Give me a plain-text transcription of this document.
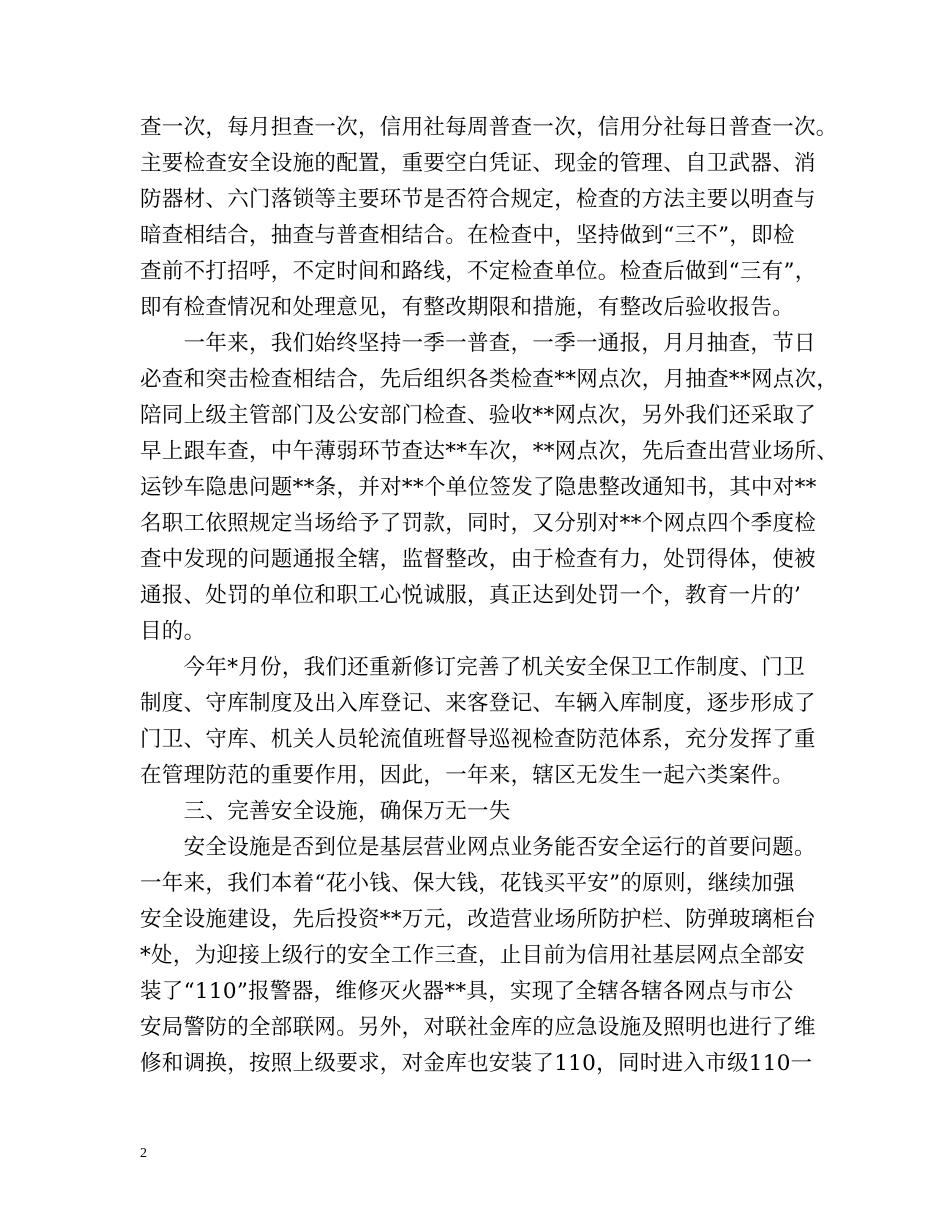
查一次，每月担查一次，信用社每周普查一次，信用分社每日普查一次。
主要检查安全设施的配置，重要空白凭证、现金的管理、自卫武器、消
防器材、六门落锁等主要环节是否符合规定，检查的方法主要以明查与
暗查相结合，抽查与普查相结合。在检查中，坚持做到“三不”，即检
查前不打招呼，不定时间和路线，不定检查单位。检查后做到“三有”，
即有检查情况和处理意见，有整改期限和措施，有整改后验收报告。
　　一年来，我们始终坚持一季一普查，一季一通报，月月抽查，节日
必查和突击检查相结合，先后组织各类检查**网点次，月抽查**网点次，
陪同上级主管部门及公安部门检查、验收**网点次，另外我们还采取了
早上跟车查，中午薄弱环节查达**车次，**网点次，先后查出营业场所、
运钞车隐患问题**条，并对**个单位签发了隐患整改通知书，其中对**
名职工依照规定当场给予了罚款，同时，又分别对**个网点四个季度检
查中发现的问题通报全辖，监督整改，由于检查有力，处罚得体，使被
通报、处罚的单位和职工心悦诚服，真正达到处罚一个，教育一片的’
目的。
　　今年*月份，我们还重新修订完善了机关安全保卫工作制度、门卫
制度、守库制度及出入库登记、来客登记、车辆入库制度，逐步形成了
门卫、守库、机关人员轮流值班督导巡视检查防范体系，充分发挥了重
在管理防范的重要作用，因此，一年来，辖区无发生一起六类案件。
　　三、完善安全设施，确保万无一失
　　安全设施是否到位是基层营业网点业务能否安全运行的首要问题。
一年来，我们本着“花小钱、保大钱，花钱买平安”的原则，继续加强
安全设施建设，先后投资**万元，改造营业场所防护栏、防弹玻璃柜台
*处，为迎接上级行的安全工作三查，止目前为信用社基层网点全部安
装了“110”报警器，维修灭火器**具，实现了全辖各辖各网点与市公
安局警防的全部联网。另外，对联社金库的应急设施及照明也进行了维
修和调换，按照上级要求，对金库也安装了110，同时进入市级110一
2
